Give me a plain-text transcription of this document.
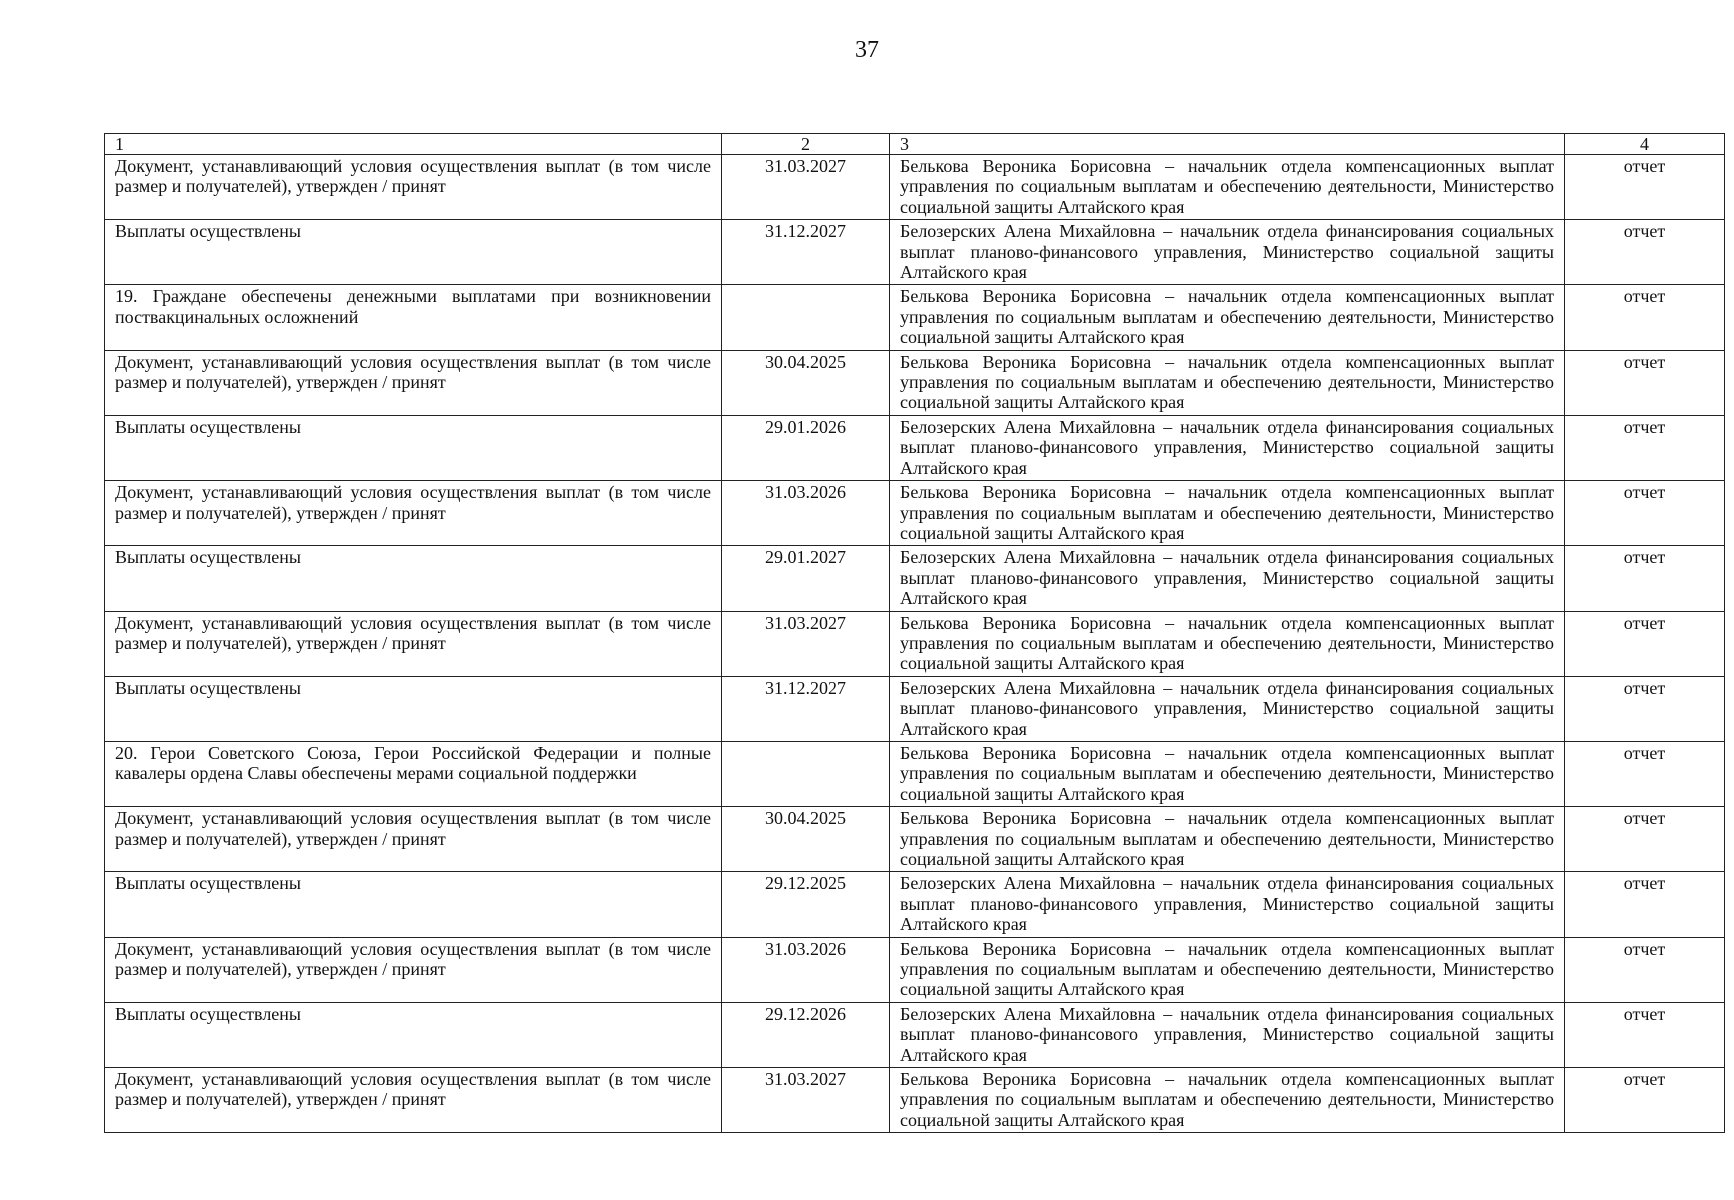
37
1	2	3	4
Документ, устанавливающий условия осуществления выплат (в том числе размер и получателей), утвержден / принят	31.03.2027	Белькова Вероника Борисовна – начальник отдела компенсационных выплат управления по социальным выплатам и обеспечению деятельности, Министерство социальной защиты Алтайского края	отчет
Выплаты осуществлены	31.12.2027	Белозерских Алена Михайловна – начальник отдела финансирования социальных выплат планово-финансового управления, Министерство социальной защиты Алтайского края	отчет
19. Граждане обеспечены денежными выплатами при возникновении поствакцинальных осложнений		Белькова Вероника Борисовна – начальник отдела компенсационных выплат управления по социальным выплатам и обеспечению деятельности, Министерство социальной защиты Алтайского края	отчет
Документ, устанавливающий условия осуществления выплат (в том числе размер и получателей), утвержден / принят	30.04.2025	Белькова Вероника Борисовна – начальник отдела компенсационных выплат управления по социальным выплатам и обеспечению деятельности, Министерство социальной защиты Алтайского края	отчет
Выплаты осуществлены	29.01.2026	Белозерских Алена Михайловна – начальник отдела финансирования социальных выплат планово-финансового управления, Министерство социальной защиты Алтайского края	отчет
Документ, устанавливающий условия осуществления выплат (в том числе размер и получателей), утвержден / принят	31.03.2026	Белькова Вероника Борисовна – начальник отдела компенсационных выплат управления по социальным выплатам и обеспечению деятельности, Министерство социальной защиты Алтайского края	отчет
Выплаты осуществлены	29.01.2027	Белозерских Алена Михайловна – начальник отдела финансирования социальных выплат планово-финансового управления, Министерство социальной защиты Алтайского края	отчет
Документ, устанавливающий условия осуществления выплат (в том числе размер и получателей), утвержден / принят	31.03.2027	Белькова Вероника Борисовна – начальник отдела компенсационных выплат управления по социальным выплатам и обеспечению деятельности, Министерство социальной защиты Алтайского края	отчет
Выплаты осуществлены	31.12.2027	Белозерских Алена Михайловна – начальник отдела финансирования социальных выплат планово-финансового управления, Министерство социальной защиты Алтайского края	отчет
20. Герои Советского Союза, Герои Российской Федерации и полные кавалеры ордена Славы обеспечены мерами социальной поддержки		Белькова Вероника Борисовна – начальник отдела компенсационных выплат управления по социальным выплатам и обеспечению деятельности, Министерство социальной защиты Алтайского края	отчет
Документ, устанавливающий условия осуществления выплат (в том числе размер и получателей), утвержден / принят	30.04.2025	Белькова Вероника Борисовна – начальник отдела компенсационных выплат управления по социальным выплатам и обеспечению деятельности, Министерство социальной защиты Алтайского края	отчет
Выплаты осуществлены	29.12.2025	Белозерских Алена Михайловна – начальник отдела финансирования социальных выплат планово-финансового управления, Министерство социальной защиты Алтайского края	отчет
Документ, устанавливающий условия осуществления выплат (в том числе размер и получателей), утвержден / принят	31.03.2026	Белькова Вероника Борисовна – начальник отдела компенсационных выплат управления по социальным выплатам и обеспечению деятельности, Министерство социальной защиты Алтайского края	отчет
Выплаты осуществлены	29.12.2026	Белозерских Алена Михайловна – начальник отдела финансирования социальных выплат планово-финансового управления, Министерство социальной защиты Алтайского края	отчет
Документ, устанавливающий условия осуществления выплат (в том числе размер и получателей), утвержден / принят	31.03.2027	Белькова Вероника Борисовна – начальник отдела компенсационных выплат управления по социальным выплатам и обеспечению деятельности, Министерство социальной защиты Алтайского края	отчет
